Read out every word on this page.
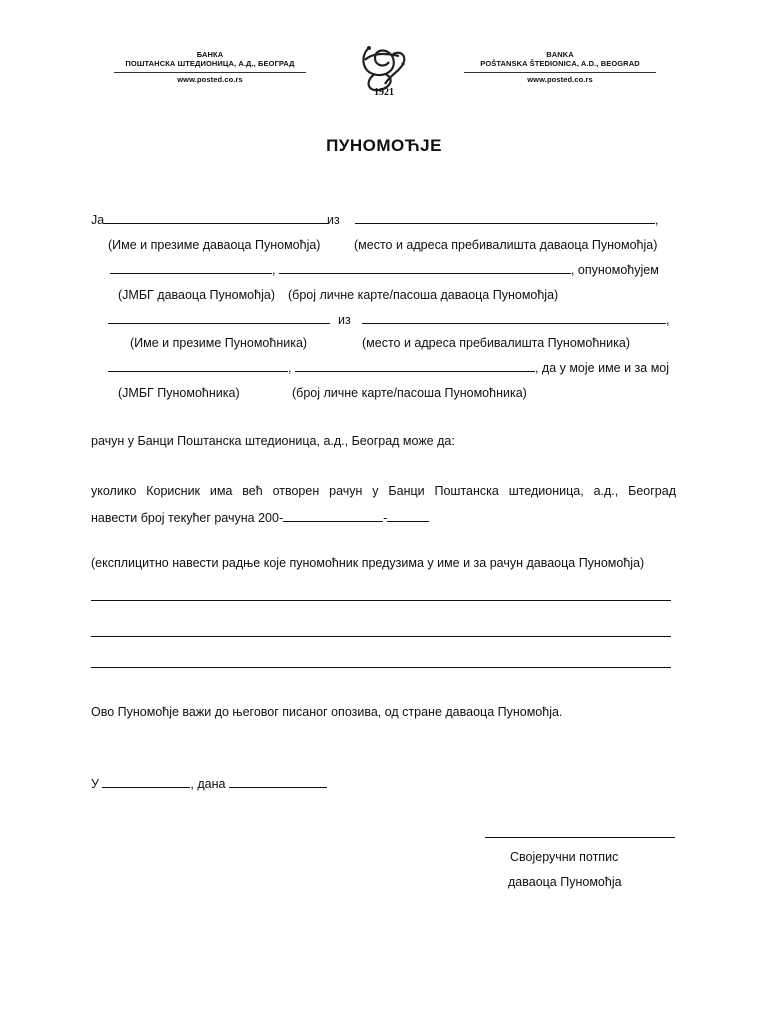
БАНКА
ПОШТАНСКА ШТЕДИОНИЦА, А.Д., БЕОГРАД
www.posted.co.rs
1921
BANKA
POŠTANSKA ŠTEDIONICA, A.D., BEOGRAD
www.posted.co.rs
ПУНОМОЋЈЕ
Ја	из	,
(Име и презиме даваоца Пуномоћја)	(место и адреса пребивалишта даваоца Пуномоћја)
,	, опуномоћујем
(ЈМБГ даваоца Пуномоћја) (број личне карте/пасоша даваоца Пуномоћја)
из	,
(Име и презиме Пуномоћника)	(место и адреса пребивалишта Пуномоћника)
,	, да у моје име и за мој
(ЈМБГ Пуномоћника)	(број личне карте/пасоша Пуномоћника)
рачун у Банци Поштанска штедионица, а.д., Београд може да:
уколико Корисник има већ отворен рачун у Банци Поштанска штедионица, а.д., Београд
навести број текућег рачуна 200-	-
(експлицитно навести радње које пуномоћник предузима у име и за рачун даваоца Пуномоћја)
Ово Пуномоћје важи до његовог писаног опозива, од стране даваоца Пуномоћја.
У	, дана
Својеручни потпис
даваоца Пуномоћја
